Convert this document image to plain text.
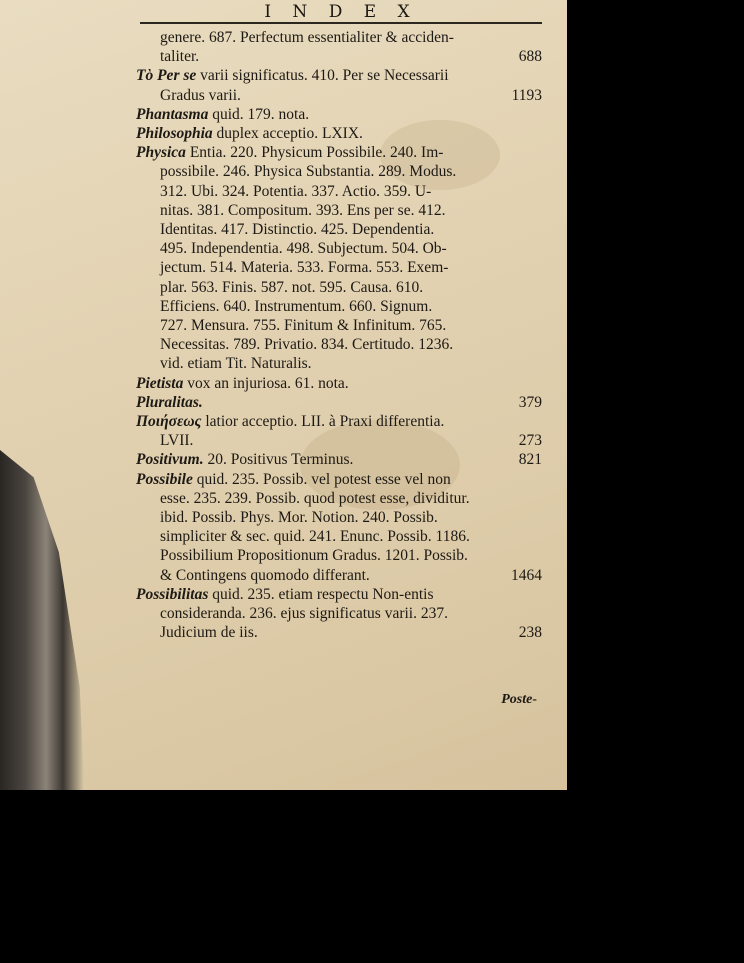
I N D E X
genere. 687. Perfectum essentialiter & acciden-
taliter.	688
Τὸ Per se varii significatus. 410. Per se Necessarii
Gradus varii.	1193
Phantasma quid. 179. nota.
Philosophia duplex acceptio. LXIX.
Physica Entia. 220. Physicum Possibile. 240. Im-
possibile. 246. Physica Substantia. 289. Modus.
312. Ubi. 324. Potentia. 337. Actio. 359. U-
nitas. 381. Compositum. 393. Ens per se. 412.
Identitas. 417. Distinctio. 425. Dependentia.
495. Independentia. 498. Subjectum. 504. Ob-
jectum. 514. Materia. 533. Forma. 553. Exem-
plar. 563. Finis. 587. not. 595. Causa. 610.
Efficiens. 640. Instrumentum. 660. Signum.
727. Mensura. 755. Finitum & Infinitum. 765.
Necessitas. 789. Privatio. 834. Certitudo. 1236.
vid. etiam Tit. Naturalis.
Pietista vox an injuriosa. 61. nota.
Pluralitas.	379
Ποιήσεως latior acceptio. LII. à Praxi differentia.
LVII.	273
Positivum. 20. Positivus Terminus.	821
Possibile quid. 235. Possib. vel potest esse vel non
esse. 235. 239. Possib. quod potest esse, dividitur.
ibid. Possib. Phys. Mor. Notion. 240. Possib.
simpliciter & sec. quid. 241. Enunc. Possib. 1186.
Possibilium Propositionum Gradus. 1201. Possib.
& Contingens quomodo differant.	1464
Possibilitas quid. 235. etiam respectu Non-entis
consideranda. 236. ejus significatus varii. 237.
Judicium de iis.	238
Poste-
